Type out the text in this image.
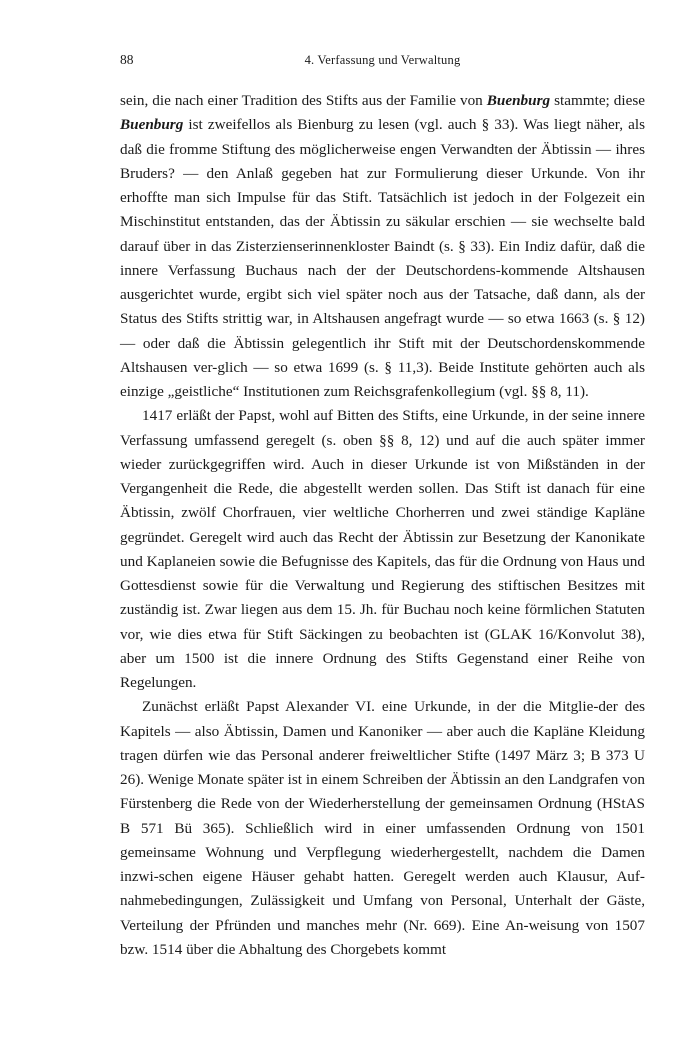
88	4. Verfassung und Verwaltung

sein, die nach einer Tradition des Stifts aus der Familie von Buenburg stammte; diese Buenburg ist zweifellos als Bienburg zu lesen (vgl. auch § 33). Was liegt näher, als daß die fromme Stiftung des möglicherweise engen Verwandten der Äbtissin — ihres Bruders? — den Anlaß gegeben hat zur Formulierung dieser Urkunde. Von ihr erhoffte man sich Impulse für das Stift. Tatsächlich ist jedoch in der Folgezeit ein Mischinstitut entstanden, das der Äbtissin zu säkular erschien — sie wechselte bald darauf über in das Zisterzienserinnenkloster Baindt (s. § 33). Ein Indiz dafür, daß die innere Verfassung Buchaus nach der der Deutschordens-kommende Altshausen ausgerichtet wurde, ergibt sich viel später noch aus der Tatsache, daß dann, als der Status des Stifts strittig war, in Altshausen angefragt wurde — so etwa 1663 (s. § 12) — oder daß die Äbtissin gelegentlich ihr Stift mit der Deutschordenskommende Altshausen ver-glich — so etwa 1699 (s. § 11,3). Beide Institute gehörten auch als einzige „geistliche“ Institutionen zum Reichsgrafenkollegium (vgl. §§ 8, 11).

1417 erläßt der Papst, wohl auf Bitten des Stifts, eine Urkunde, in der seine innere Verfassung umfassend geregelt (s. oben §§ 8, 12) und auf die auch später immer wieder zurückgegriffen wird. Auch in dieser Urkunde ist von Mißständen in der Vergangenheit die Rede, die abgestellt werden sollen. Das Stift ist danach für eine Äbtissin, zwölf Chorfrauen, vier weltliche Chorherren und zwei ständige Kapläne gegründet. Geregelt wird auch das Recht der Äbtissin zur Besetzung der Kanonikate und Kaplaneien sowie die Befugnisse des Kapitels, das für die Ordnung von Haus und Gottesdienst sowie für die Verwaltung und Regierung des stiftischen Besitzes mit zuständig ist. Zwar liegen aus dem 15. Jh. für Buchau noch keine förmlichen Statuten vor, wie dies etwa für Stift Säckingen zu beobachten ist (GLAK 16/Konvolut 38), aber um 1500 ist die innere Ordnung des Stifts Gegenstand einer Reihe von Regelungen.

Zunächst erläßt Papst Alexander VI. eine Urkunde, in der die Mitglie-der des Kapitels — also Äbtissin, Damen und Kanoniker — aber auch die Kapläne Kleidung tragen dürfen wie das Personal anderer freiweltlicher Stifte (1497 März 3; B 373 U 26). Wenige Monate später ist in einem Schreiben der Äbtissin an den Landgrafen von Fürstenberg die Rede von der Wiederherstellung der gemeinsamen Ordnung (HStAS B 571 Bü 365). Schließlich wird in einer umfassenden Ordnung von 1501 gemeinsame Wohnung und Verpflegung wiederhergestellt, nachdem die Damen inzwi-schen eigene Häuser gehabt hatten. Geregelt werden auch Klausur, Auf-nahmebedingungen, Zulässigkeit und Umfang von Personal, Unterhalt der Gäste, Verteilung der Pfründen und manches mehr (Nr. 669). Eine An-weisung von 1507 bzw. 1514 über die Abhaltung des Chorgebets kommt
